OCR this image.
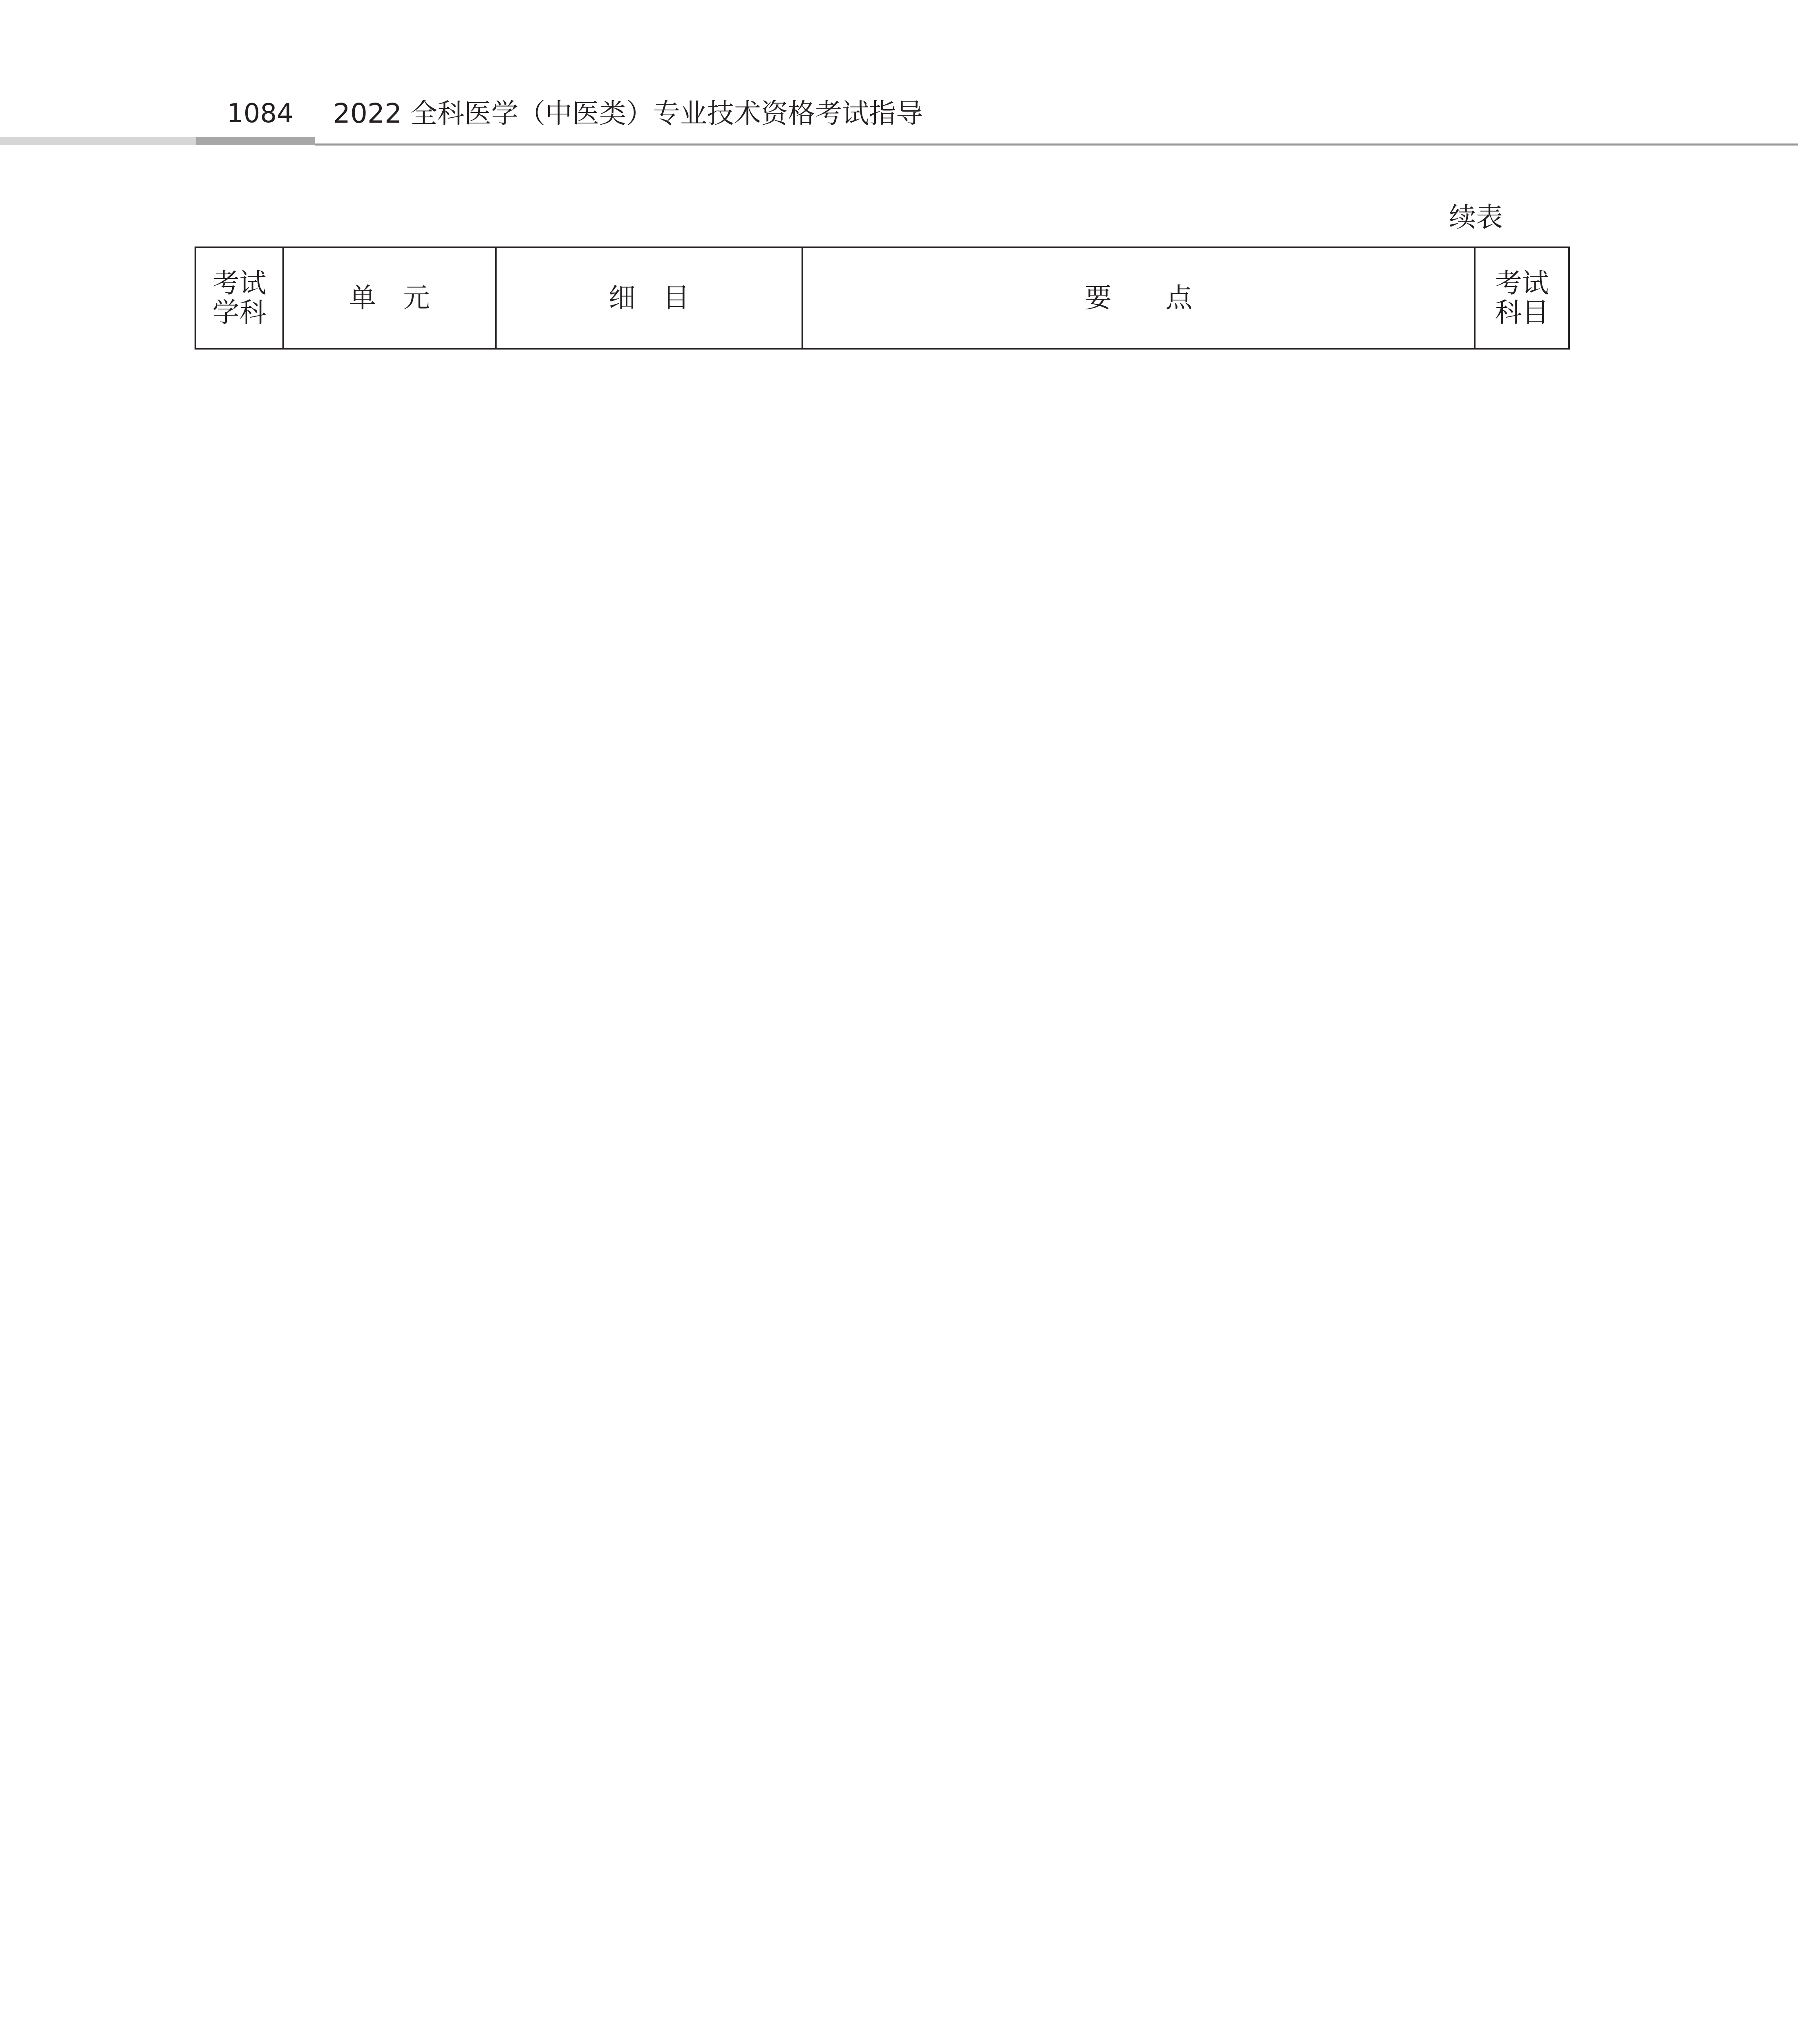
1084 2022 全科医学（中医类）专业技术资格考试指导
续表
考试学科	单　元	细　目	要　　点	考试科目
